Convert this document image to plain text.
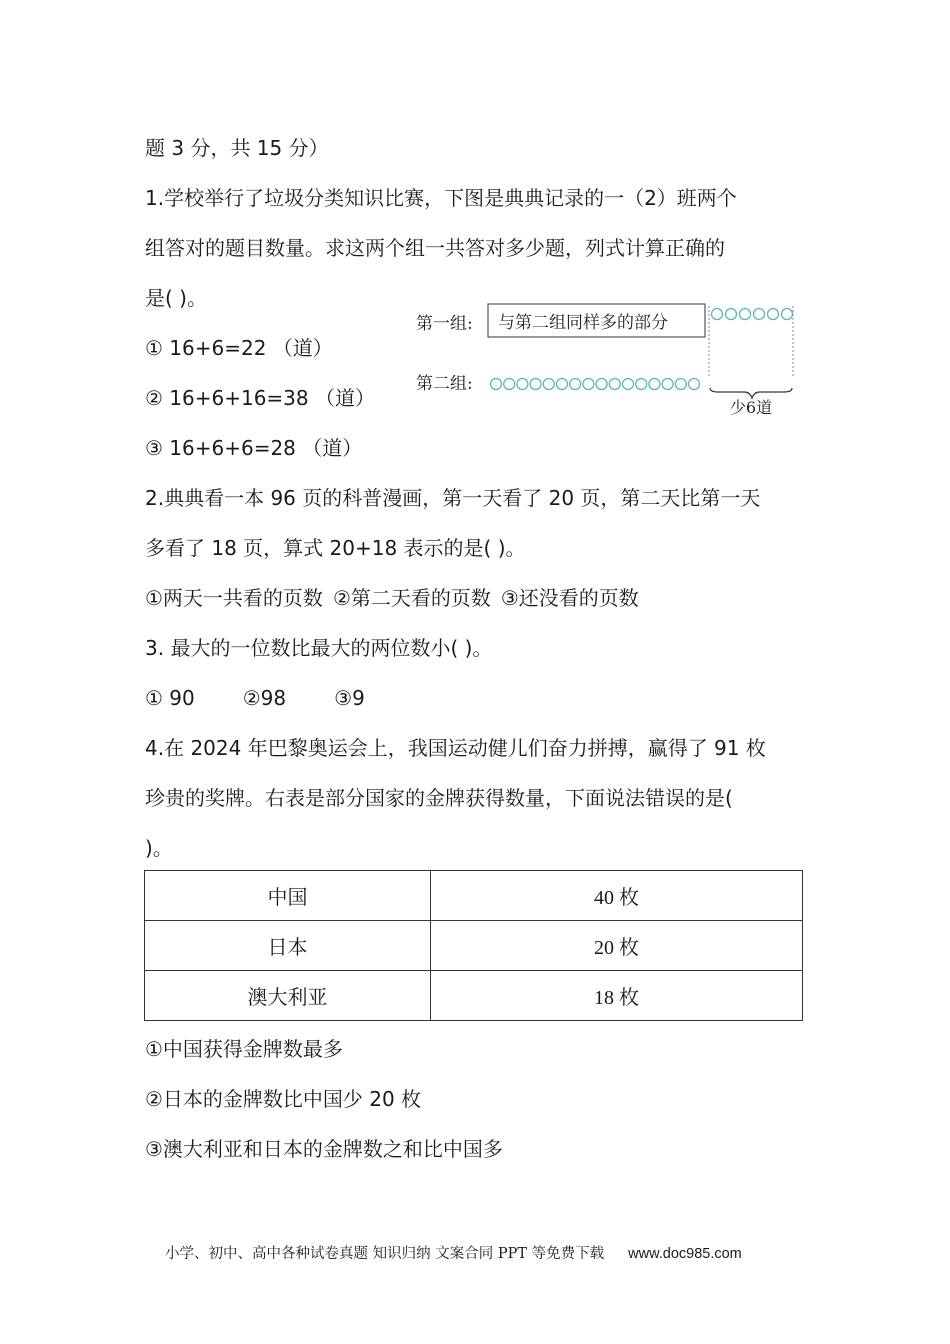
题 3 分，共 15 分）
1.学校举行了垃圾分类知识比赛，下图是典典记录的一（2）班两个
组答对的题目数量。求这两个组一共答对多少题，列式计算正确的
是( )。
① 16+6=22 （道）
② 16+6+16=38 （道）
③ 16+6+6=28 （道）
第一组: 与第二组同样多的部分
第二组:
少6道
2.典典看一本 96 页的科普漫画，第一天看了 20 页，第二天比第一天
多看了 18 页，算式 20+18 表示的是( )。
①两天一共看的页数 ②第二天看的页数 ③还没看的页数
3. 最大的一位数比最大的两位数小( )。
① 90 ②98 ③9
4.在 2024 年巴黎奥运会上，我国运动健儿们奋力拼搏，赢得了 91 枚
珍贵的奖牌。右表是部分国家的金牌获得数量，下面说法错误的是(
)。
中国	40 枚
日本	20 枚
澳大利亚	18 枚
①中国获得金牌数最多
②日本的金牌数比中国少 20 枚
③澳大利亚和日本的金牌数之和比中国多
小学、初中、高中各种试卷真题 知识归纳 文案合同 PPT 等免费下载 www.doc985.com
